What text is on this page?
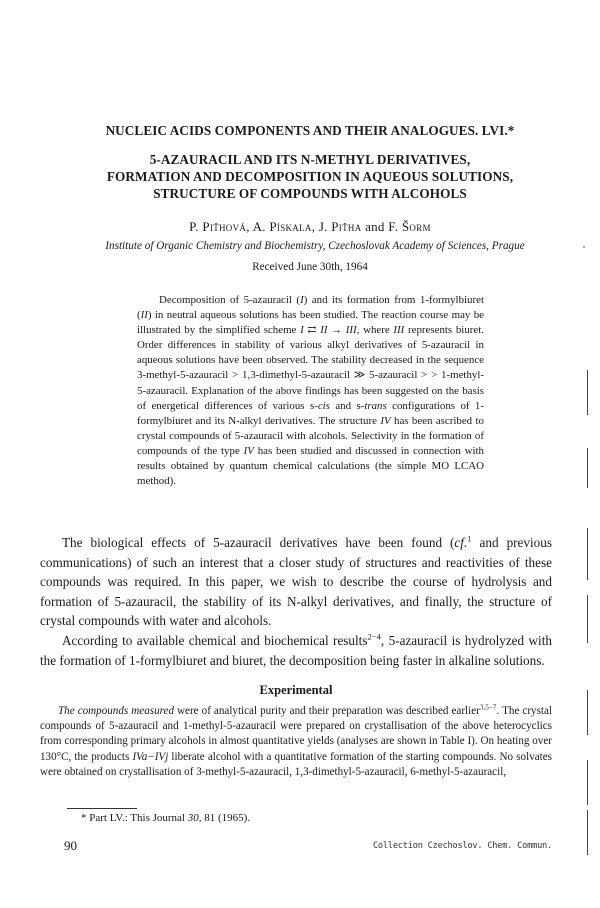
NUCLEIC ACIDS COMPONENTS AND THEIR ANALOGUES. LVI.*
5-AZAURACIL AND ITS N-METHYL DERIVATIVES,
FORMATION AND DECOMPOSITION IN AQUEOUS SOLUTIONS,
STRUCTURE OF COMPOUNDS WITH ALCOHOLS
P. Pıťhová, A. Pískala, J. Piťha and F. Šorm
Institute of Organic Chemistry and Biochemistry, Czechoslovak Academy of Sciences, Prague
Received June 30th, 1964
Decomposition of 5-azauracil (I) and its formation from 1-formylbiuret (II) in neutral aqueous solutions has been studied. The reaction course may be illustrated by the simplified scheme I ⇄ II → III, where III represents biuret. Order differences in stability of various alkyl derivatives of 5-azauracil in aqueous solutions have been observed. The stability decreased in the sequence 3-methyl-5-azauracil > 1,3-dimethyl-5-azauracil ≫ 5-azauracil > > 1-methyl-5-azauracil. Explanation of the above findings has been suggested on the basis of energetical differences of various s-cis and s-trans configurations of 1-formylbiuret and its N-alkyl derivatives. The structure IV has been ascribed to crystal compounds of 5-azauracil with alcohols. Selectivity in the formation of compounds of the type IV has been studied and discussed in connection with results obtained by quantum chemical calculations (the simple MO LCAO method).

The biological effects of 5-azauracil derivatives have been found (cf.$^1$ and previous communications) of such an interest that a closer study of structures and reactivities of these compounds was required. In this paper, we wish to describe the course of hydrolysis and formation of 5-azauracil, the stability of its N-alkyl derivatives, and finally, the structure of crystal compounds with water and alcohols.

According to available chemical and biochemical results$^{2-4}$, 5-azauracil is hydrolyzed with the formation of 1-formylbiuret and biuret, the decomposition being faster in alkaline solutions.

Experimental
The compounds measured were of analytical purity and their preparation was described earlier$^{3,5-7}$. The crystal compounds of 5-azauracil and 1-methyl-5-azauracil were prepared on crystallisation of the above heterocyclics from corresponding primary alcohols in almost quantitative yields (analyses are shown in Table I). On heating over 130°C, the products IVa−IVj liberate alcohol with a quantitative formation of the starting compounds. No solvates were obtained on crystallisation of 3-methyl-5-azauracil, 1,3-dimethyl-5-azauracil, 6-methyl-5-azauracil,
* Part LV.: This Journal 30, 81 (1965).
90	Collection Czechoslov. Chem. Commun.
